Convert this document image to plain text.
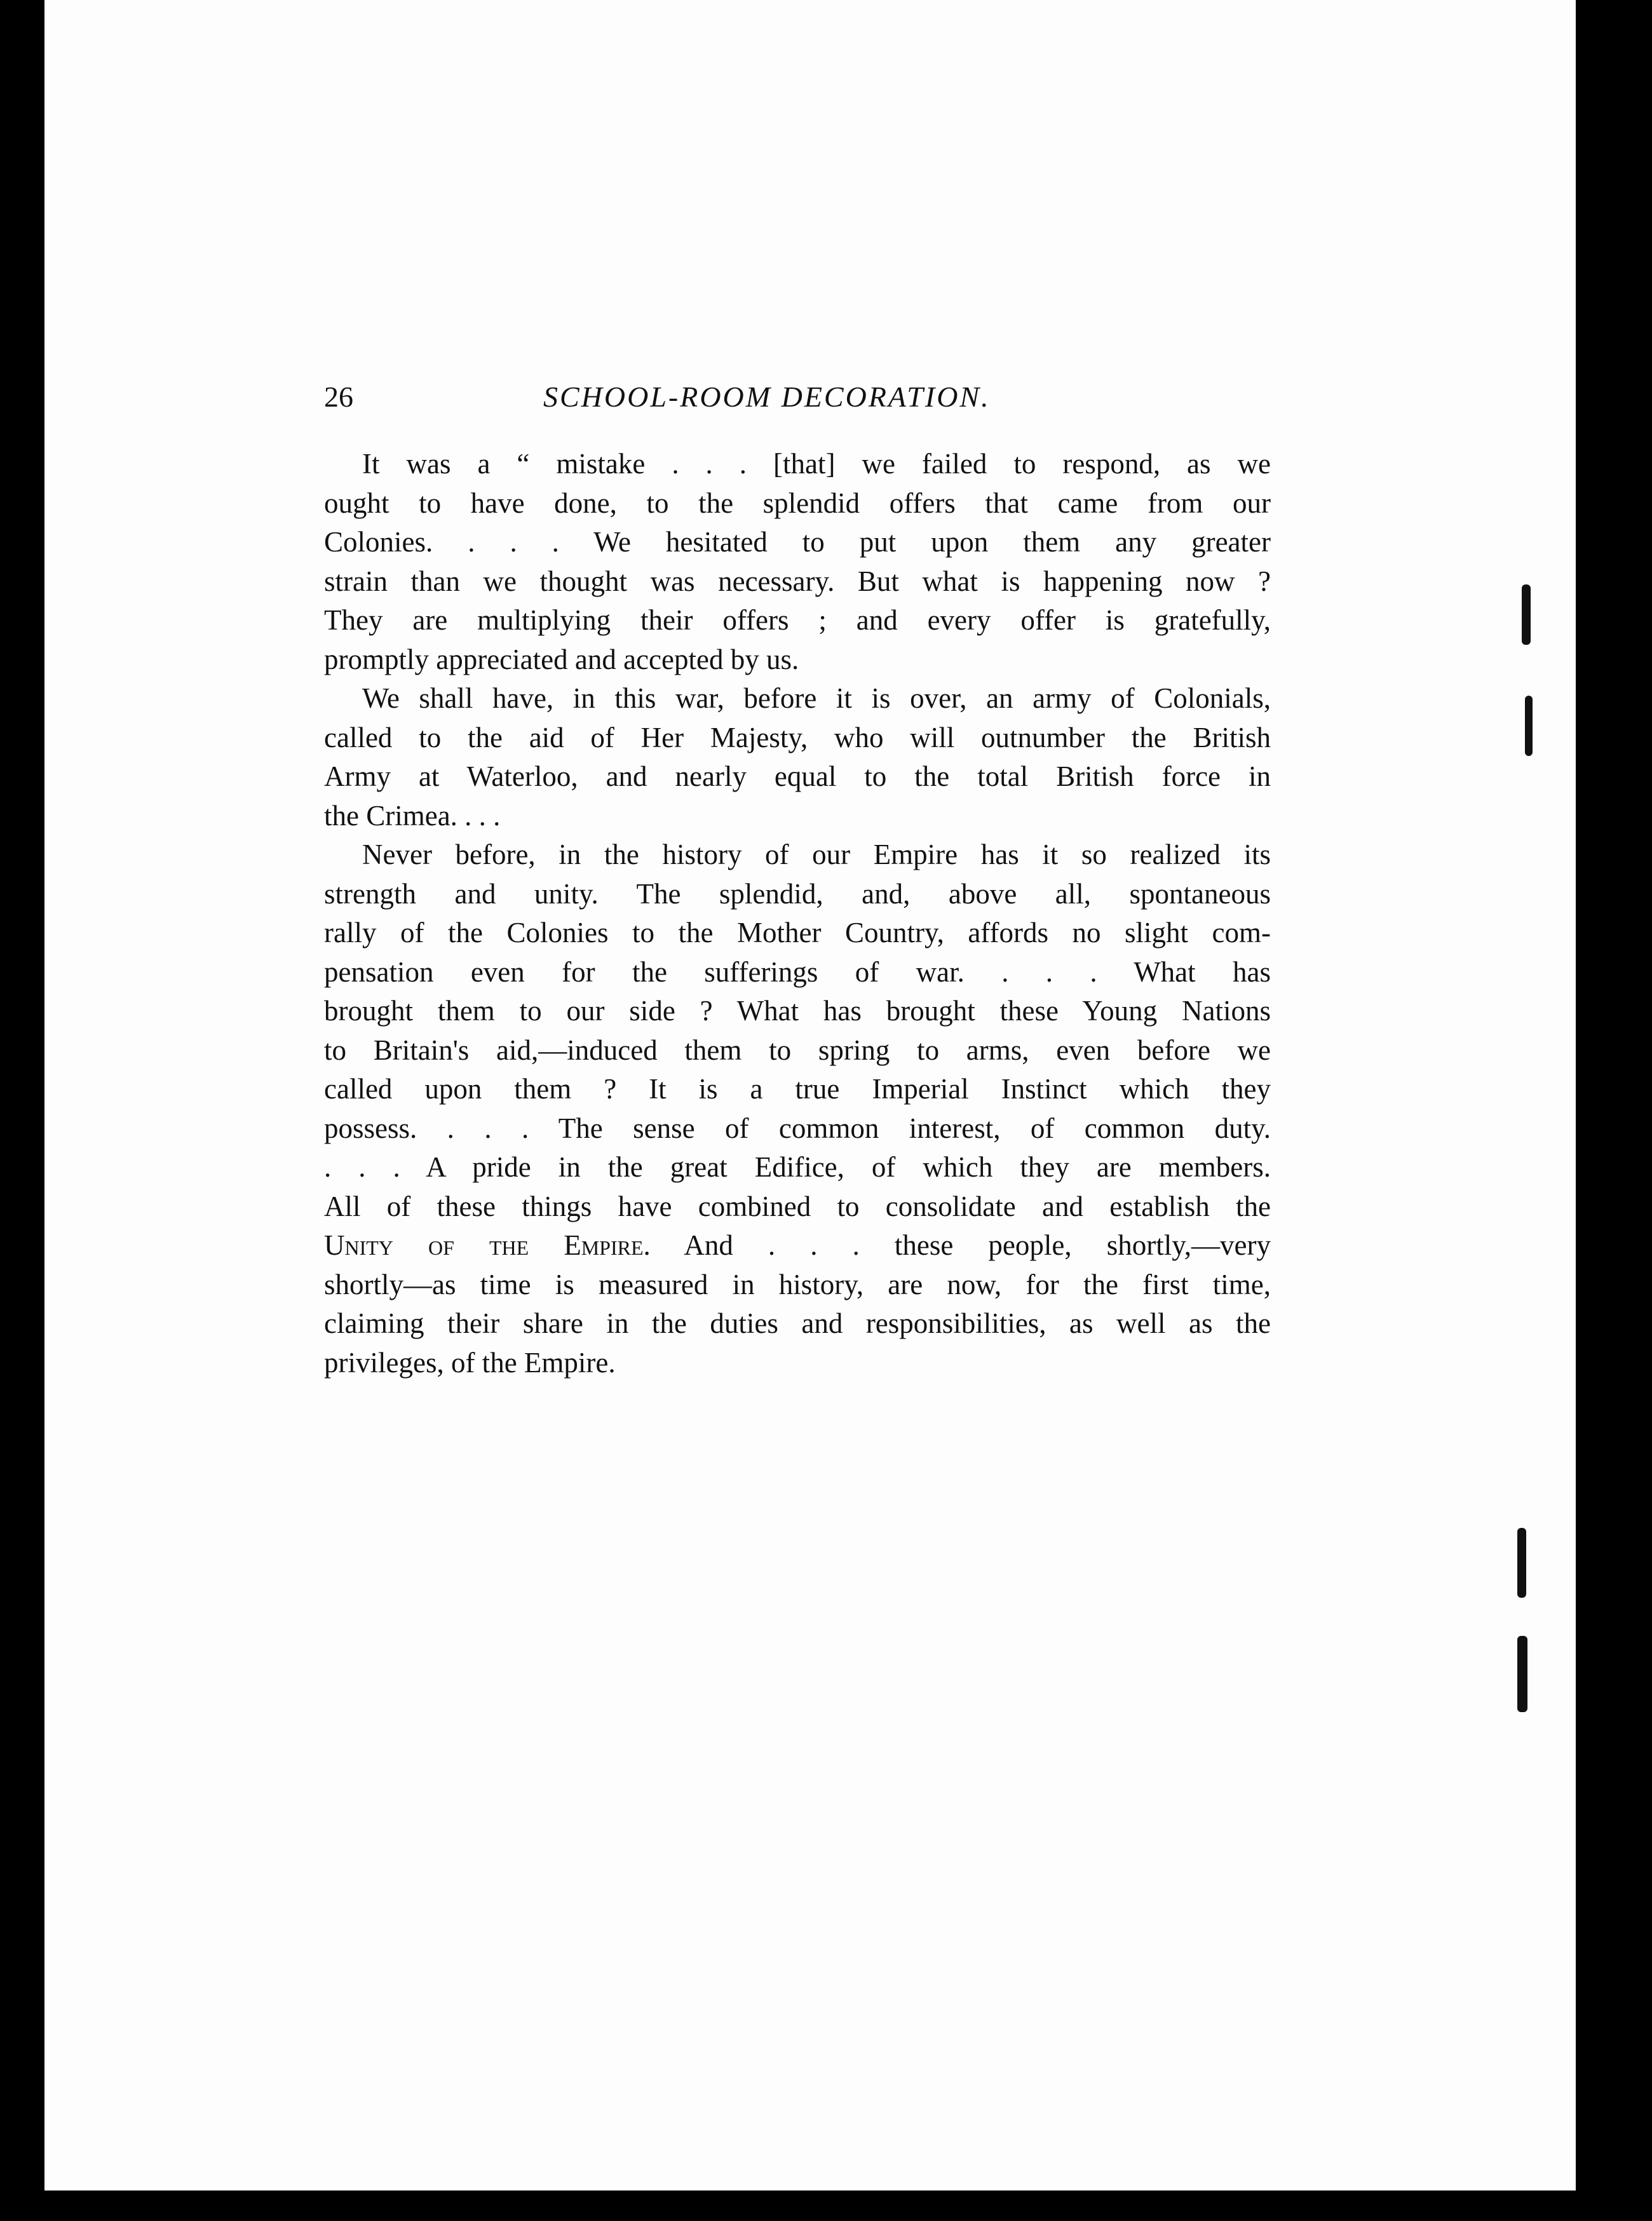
26	SCHOOL-ROOM DECORATION.
It was a “ mistake . . . [that] we failed to respond, as we
ought to have done, to the splendid offers that came from our
Colonies. . . . We hesitated to put upon them any greater
strain than we thought was necessary. But what is happening now ?
They are multiplying their offers ; and every offer is gratefully,
promptly appreciated and accepted by us.
We shall have, in this war, before it is over, an army of Colonials,
called to the aid of Her Majesty, who will outnumber the British
Army at Waterloo, and nearly equal to the total British force in
the Crimea. . . .
Never before, in the history of our Empire has it so realized its
strength and unity. The splendid, and, above all, spontaneous
rally of the Colonies to the Mother Country, affords no slight com-
pensation even for the sufferings of war. . . . What has
brought them to our side ? What has brought these Young Nations
to Britain's aid,—induced them to spring to arms, even before we
called upon them ? It is a true Imperial Instinct which they
possess. . . . The sense of common interest, of common duty.
. . . A pride in the great Edifice, of which they are members.
All of these things have combined to consolidate and establish the
Unity of the Empire. And . . . these people, shortly,—very
shortly—as time is measured in history, are now, for the first time,
claiming their share in the duties and responsibilities, as well as the
privileges, of the Empire.
